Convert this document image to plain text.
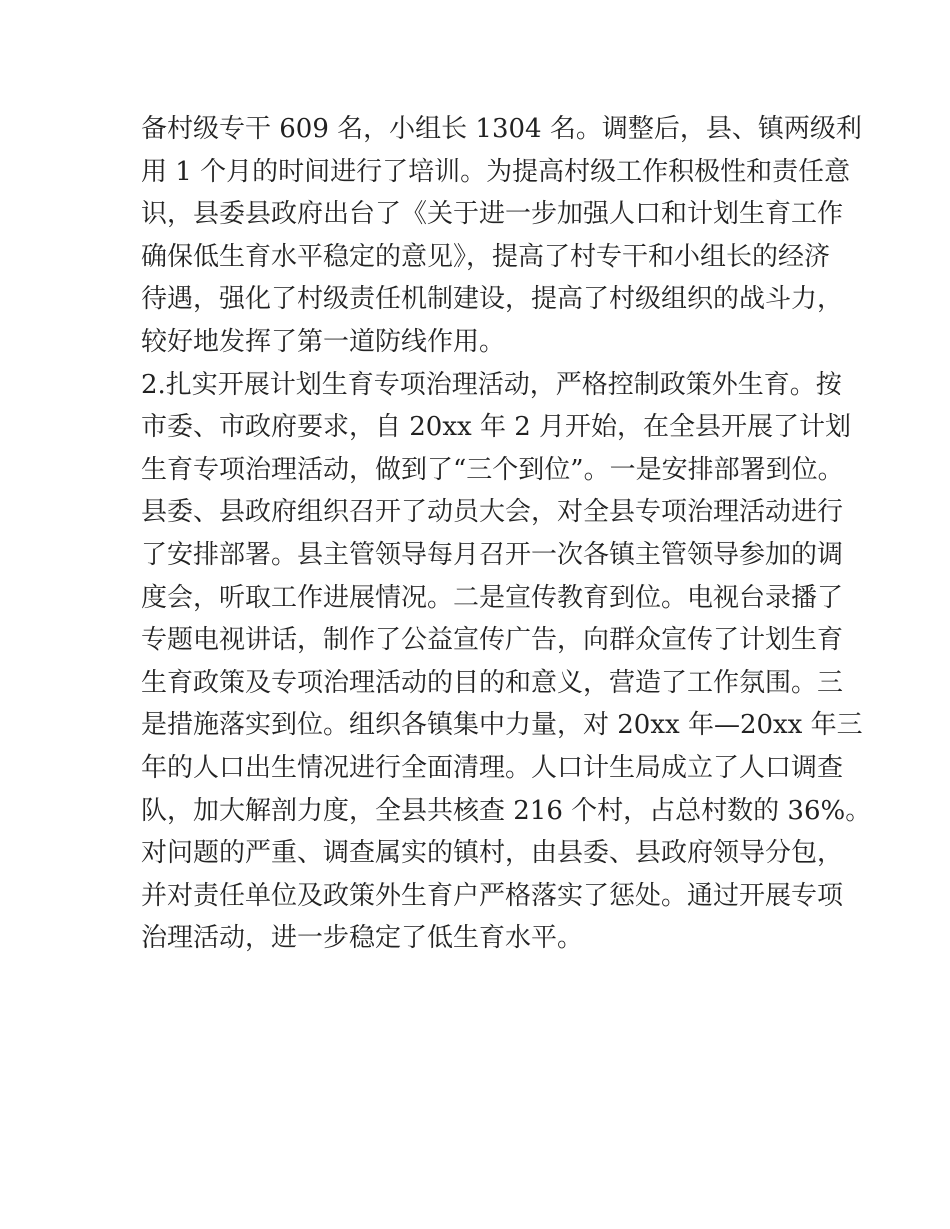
备村级专干 609 名，小组长 1304 名。调整后，县、镇两级利
用 1 个月的时间进行了培训。为提高村级工作积极性和责任意
识，县委县政府出台了《关于进一步加强人口和计划生育工作
确保低生育水平稳定的意见》，提高了村专干和小组长的经济
待遇，强化了村级责任机制建设，提高了村级组织的战斗力，
较好地发挥了第一道防线作用。
2.扎实开展计划生育专项治理活动，严格控制政策外生育。按
市委、市政府要求，自 20xx 年 2 月开始，在全县开展了计划
生育专项治理活动，做到了“三个到位”。一是安排部署到位。
县委、县政府组织召开了动员大会，对全县专项治理活动进行
了安排部署。县主管领导每月召开一次各镇主管领导参加的调
度会，听取工作进展情况。二是宣传教育到位。电视台录播了
专题电视讲话，制作了公益宣传广告，向群众宣传了计划生育
生育政策及专项治理活动的目的和意义，营造了工作氛围。三
是措施落实到位。组织各镇集中力量，对 20xx 年—20xx 年三
年的人口出生情况进行全面清理。人口计生局成立了人口调查
队，加大解剖力度，全县共核查 216 个村，占总村数的 36%。
对问题的严重、调查属实的镇村，由县委、县政府领导分包，
并对责任单位及政策外生育户严格落实了惩处。通过开展专项
治理活动，进一步稳定了低生育水平。
